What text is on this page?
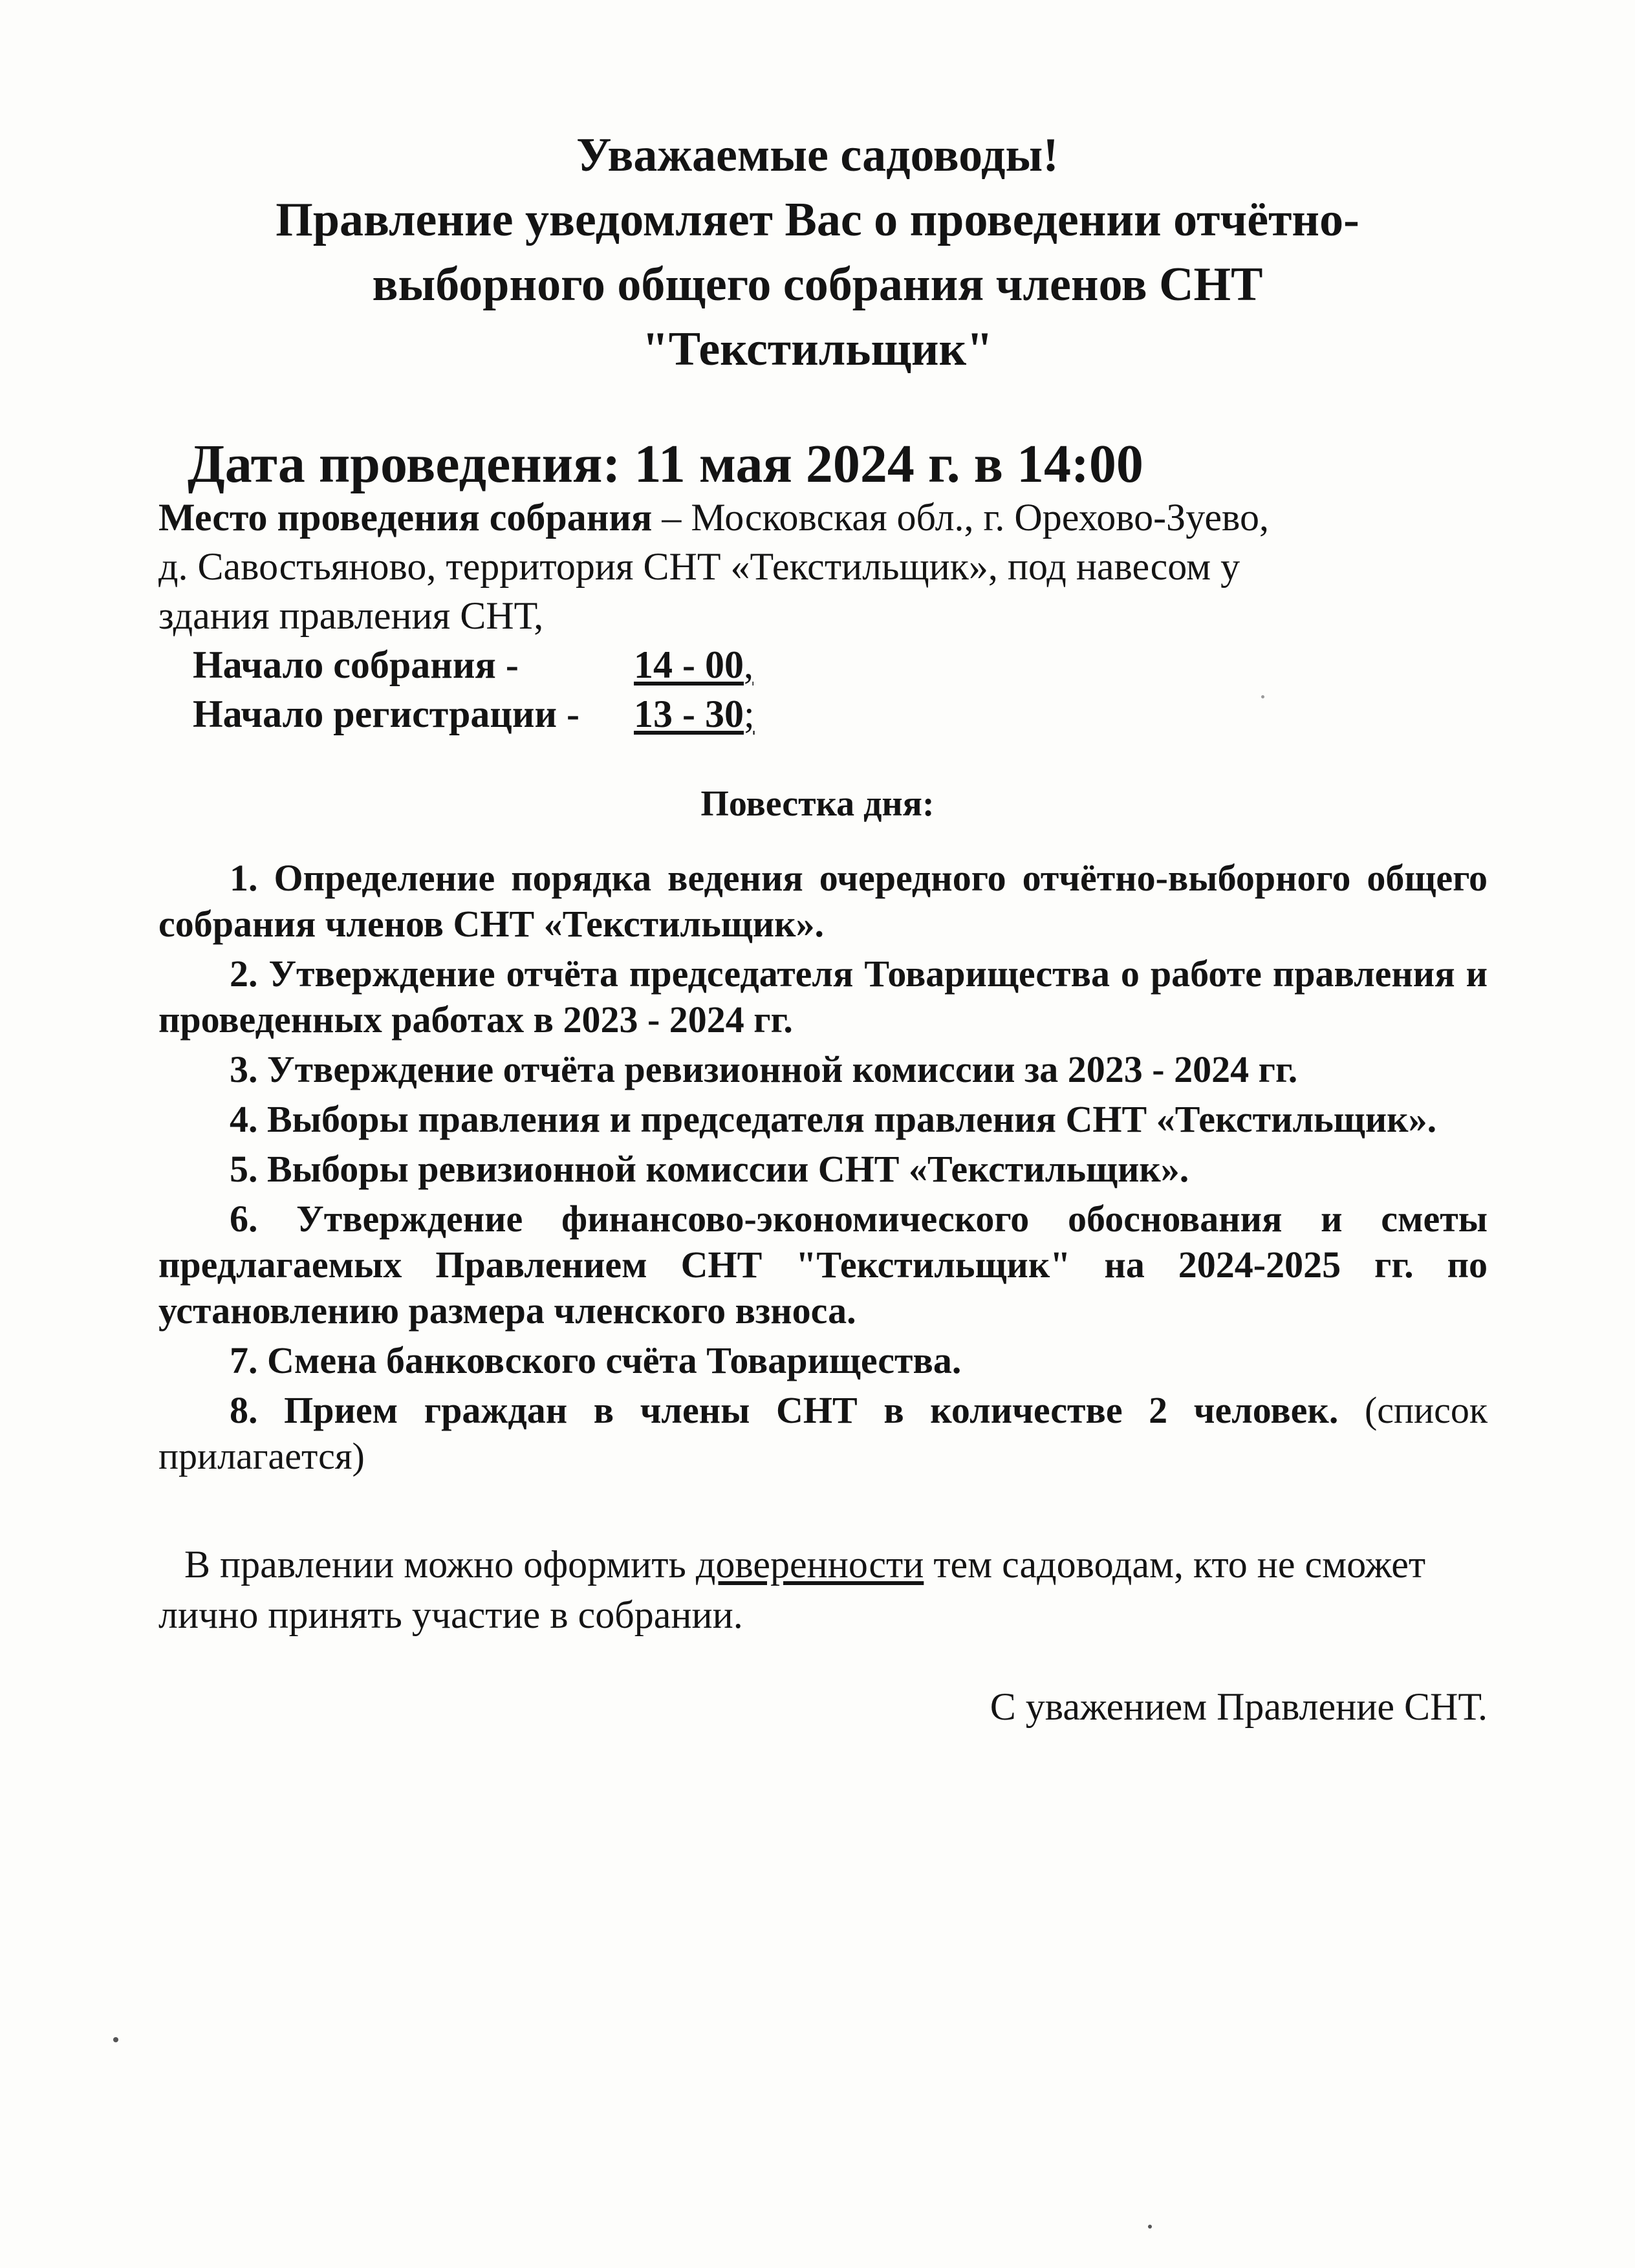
Уважаемые садоводы!
Правление уведомляет Вас о проведении отчётно-
выборного общего собрания членов СНТ
"Текстильщик"
Дата проведения: 11 мая 2024 г. в 14:00
Место проведения собрания – Московская обл., г. Орехово-Зуево,
д. Савостьяново, территория СНТ «Текстильщик», под навесом у
здания правления СНТ,
Начало собрания -	14 - 00,
Начало регистрации - 13 - 30;
Повестка дня:
1. Определение порядка ведения очередного отчётно-выборного общего собрания членов СНТ «Текстильщик».
2. Утверждение отчёта председателя Товарищества о работе правления и проведенных работах в 2023 - 2024 гг.
3. Утверждение отчёта ревизионной комиссии за 2023 - 2024 гг.
4. Выборы правления и председателя правления СНТ «Текстильщик».
5. Выборы ревизионной комиссии СНТ «Текстильщик».
6. Утверждение финансово-экономического обоснования и сметы предлагаемых Правлением СНТ "Текстильщик" на 2024-2025 гг. по установлению размера членского взноса.
7. Смена банковского счёта Товарищества.
8. Прием граждан в члены СНТ в количестве 2 человек. (список прилагается)
В правлении можно оформить доверенности тем садоводам, кто не сможет лично принять участие в собрании.
С уважением Правление СНТ.
